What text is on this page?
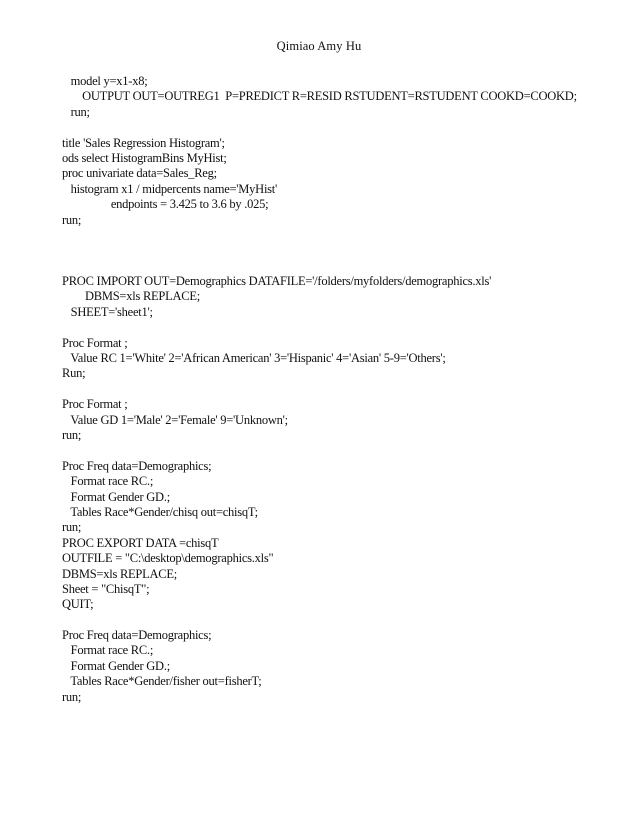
Qimiao Amy Hu
model y=x1-x8;
OUTPUT OUT=OUTREG1  P=PREDICT R=RESID RSTUDENT=RSTUDENT COOKD=COOKD;
run;
title 'Sales Regression Histogram';
ods select HistogramBins MyHist;
proc univariate data=Sales_Reg;
histogram x1 / midpercents name='MyHist'
endpoints = 3.425 to 3.6 by .025;
run;
PROC IMPORT OUT=Demographics DATAFILE='/folders/myfolders/demographics.xls'
DBMS=xls REPLACE;
SHEET='sheet1';
Proc Format ;
Value RC 1='White' 2='African American' 3='Hispanic' 4='Asian' 5-9='Others';
Run;
Proc Format ;
Value GD 1='Male' 2='Female' 9='Unknown';
run;
Proc Freq data=Demographics;
Format race RC.;
Format Gender GD.;
Tables Race*Gender/chisq out=chisqT;
run;
PROC EXPORT DATA =chisqT
OUTFILE = "C:\desktop\demographics.xls"
DBMS=xls REPLACE;
Sheet = "ChisqT";
QUIT;
Proc Freq data=Demographics;
Format race RC.;
Format Gender GD.;
Tables Race*Gender/fisher out=fisherT;
run;
